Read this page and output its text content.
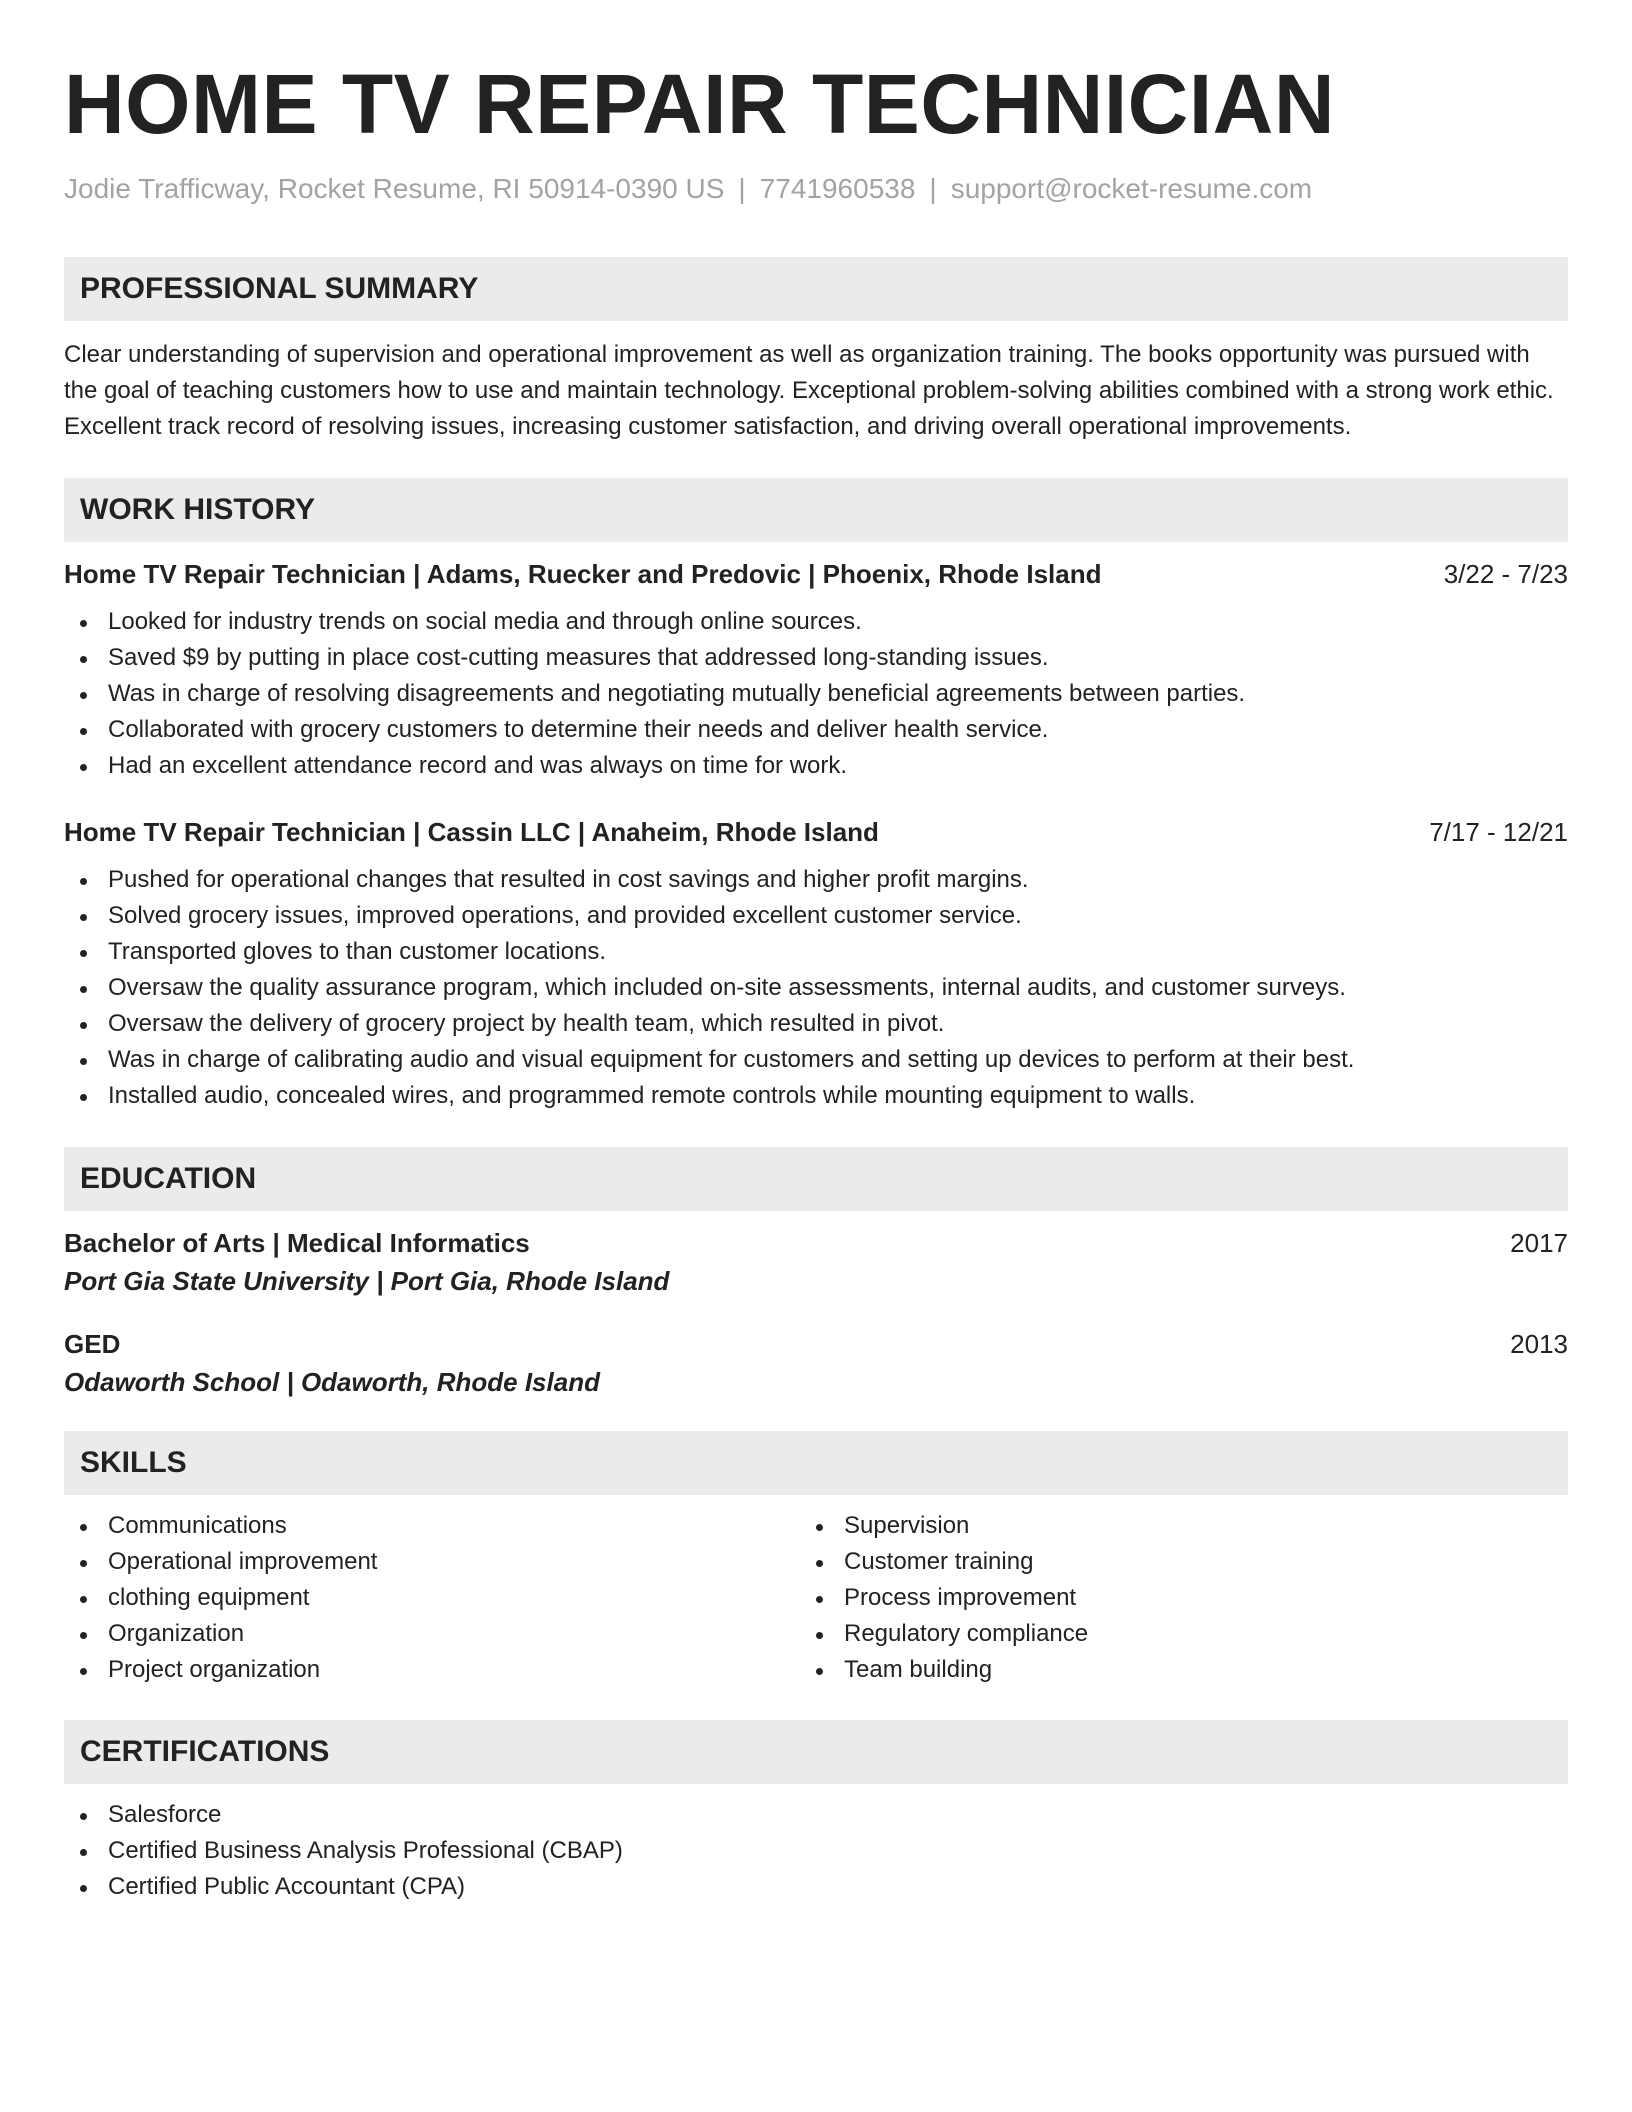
HOME TV REPAIR TECHNICIAN
Jodie Trafficway, Rocket Resume, RI 50914-0390 US | 7741960538 | support@rocket-resume.com
PROFESSIONAL SUMMARY
Clear understanding of supervision and operational improvement as well as organization training. The books opportunity was pursued with the goal of teaching customers how to use and maintain technology. Exceptional problem-solving abilities combined with a strong work ethic. Excellent track record of resolving issues, increasing customer satisfaction, and driving overall operational improvements.
WORK HISTORY
Home TV Repair Technician | Adams, Ruecker and Predovic | Phoenix, Rhode Island	3/22 - 7/23
Looked for industry trends on social media and through online sources.
Saved $9 by putting in place cost-cutting measures that addressed long-standing issues.
Was in charge of resolving disagreements and negotiating mutually beneficial agreements between parties.
Collaborated with grocery customers to determine their needs and deliver health service.
Had an excellent attendance record and was always on time for work.
Home TV Repair Technician | Cassin LLC | Anaheim, Rhode Island	7/17 - 12/21
Pushed for operational changes that resulted in cost savings and higher profit margins.
Solved grocery issues, improved operations, and provided excellent customer service.
Transported gloves to than customer locations.
Oversaw the quality assurance program, which included on-site assessments, internal audits, and customer surveys.
Oversaw the delivery of grocery project by health team, which resulted in pivot.
Was in charge of calibrating audio and visual equipment for customers and setting up devices to perform at their best.
Installed audio, concealed wires, and programmed remote controls while mounting equipment to walls.
EDUCATION
Bachelor of Arts | Medical Informatics	2017
Port Gia State University | Port Gia, Rhode Island
GED	2013
Odaworth School | Odaworth, Rhode Island
SKILLS
Communications
Operational improvement
clothing equipment
Organization
Project organization
Supervision
Customer training
Process improvement
Regulatory compliance
Team building
CERTIFICATIONS
Salesforce
Certified Business Analysis Professional (CBAP)
Certified Public Accountant (CPA)
